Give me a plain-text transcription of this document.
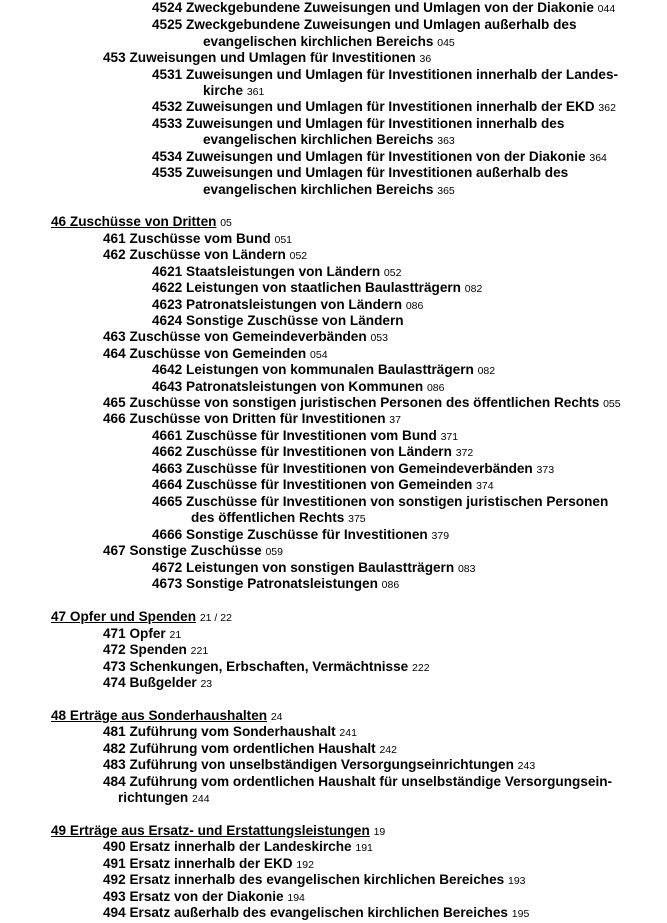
4524 Zweckgebundene Zuweisungen und Umlagen von der Diakonie 044
4525 Zweckgebundene Zuweisungen und Umlagen außerhalb des
evangelischen kirchlichen Bereichs 045
453 Zuweisungen und Umlagen für Investitionen 36
4531 Zuweisungen und Umlagen für Investitionen innerhalb der Landes-
kirche 361
4532 Zuweisungen und Umlagen für Investitionen innerhalb der EKD 362
4533 Zuweisungen und Umlagen für Investitionen innerhalb des
evangelischen kirchlichen Bereichs 363
4534 Zuweisungen und Umlagen für Investitionen von der Diakonie 364
4535 Zuweisungen und Umlagen für Investitionen außerhalb des
evangelischen kirchlichen Bereichs 365
46 Zuschüsse von Dritten 05
461 Zuschüsse vom Bund 051
462 Zuschüsse von Ländern 052
4621 Staatsleistungen von Ländern 052
4622 Leistungen von staatlichen Baulastträgern 082
4623 Patronatsleistungen von Ländern 086
4624 Sonstige Zuschüsse von Ländern
463 Zuschüsse von Gemeindeverbänden 053
464 Zuschüsse von Gemeinden 054
4642 Leistungen von kommunalen Baulastträgern 082
4643 Patronatsleistungen von Kommunen 086
465 Zuschüsse von sonstigen juristischen Personen des öffentlichen Rechts 055
466 Zuschüsse von Dritten für Investitionen 37
4661 Zuschüsse für Investitionen vom Bund 371
4662 Zuschüsse für Investitionen von Ländern 372
4663 Zuschüsse für Investitionen von Gemeindeverbänden 373
4664 Zuschüsse für Investitionen von Gemeinden 374
4665 Zuschüsse für Investitionen von sonstigen juristischen Personen
des öffentlichen Rechts 375
4666 Sonstige Zuschüsse für Investitionen 379
467 Sonstige Zuschüsse 059
4672 Leistungen von sonstigen Baulastträgern 083
4673 Sonstige Patronatsleistungen 086
47 Opfer und Spenden 21 / 22
471 Opfer 21
472 Spenden 221
473 Schenkungen, Erbschaften, Vermächtnisse 222
474 Bußgelder 23
48 Erträge aus Sonderhaushalten 24
481 Zuführung vom Sonderhaushalt 241
482 Zuführung vom ordentlichen Haushalt 242
483 Zuführung von unselbständigen Versorgungseinrichtungen 243
484 Zuführung vom ordentlichen Haushalt für unselbständige Versorgungsein-
richtungen 244
49 Erträge aus Ersatz- und Erstattungsleistungen 19
490 Ersatz innerhalb der Landeskirche 191
491 Ersatz innerhalb der EKD 192
492 Ersatz innerhalb des evangelischen kirchlichen Bereiches 193
493 Ersatz von der Diakonie 194
494 Ersatz außerhalb des evangelischen kirchlichen Bereiches 195
